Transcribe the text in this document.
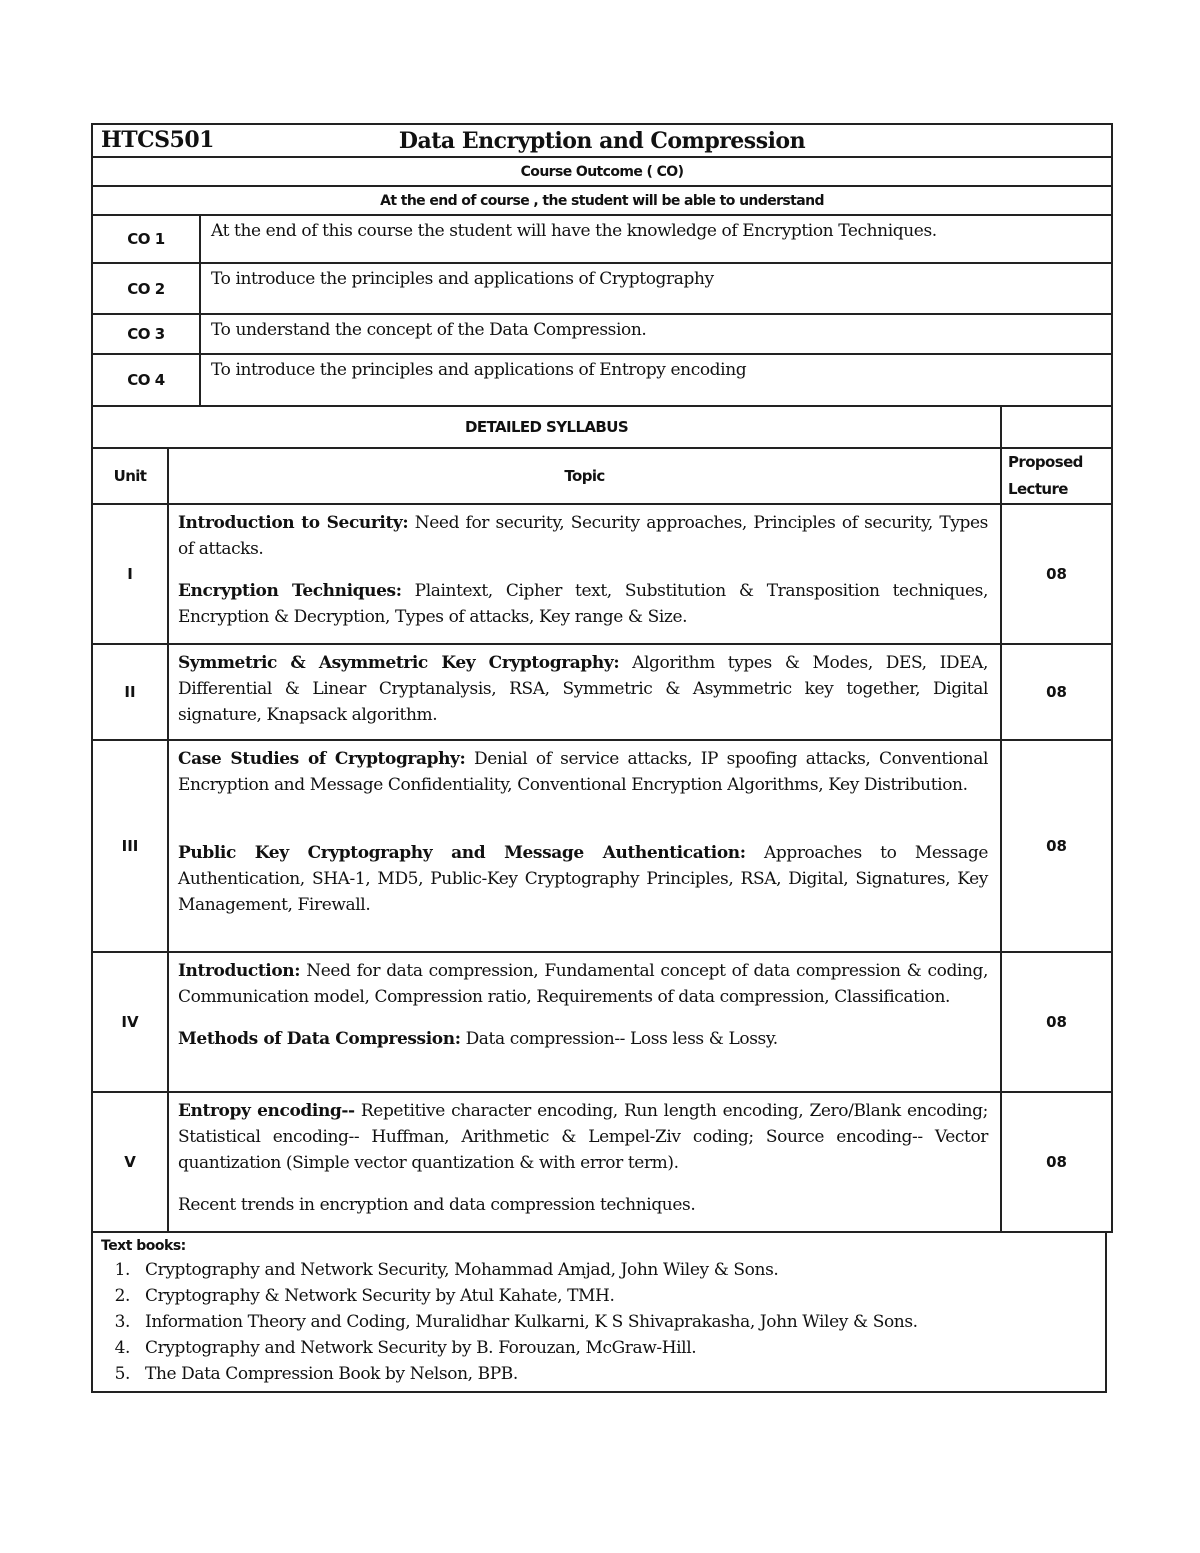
HTCS501 Data Encryption and Compression	

Course Outcome ( CO)	
At the end of course , the student will be able to understand	
CO 1	At the end of this course the student will have the knowledge of Encryption Techniques.
CO 2	To introduce the principles and applications of Cryptography
CO 3	To understand the concept of the Data Compression.
CO 4	To introduce the principles and applications of Entropy encoding
DETAILED SYLLABUS		
Unit	Topic	Proposed
Lecture

I	Introduction to Security: Need for security, Security approaches, Principles of security, Types of attacks.

Encryption Techniques: Plaintext, Cipher text, Substitution & Transposition techniques, Encryption & Decryption, Types of attacks, Key range & Size.	08
II	Symmetric & Asymmetric Key Cryptography: Algorithm types & Modes, DES, IDEA, Differential & Linear Cryptanalysis, RSA, Symmetric & Asymmetric key together, Digital signature, Knapsack algorithm.	08
III	Case Studies of Cryptography: Denial of service attacks, IP spoofing attacks, Conventional Encryption and Message Confidentiality, Conventional Encryption Algorithms, Key Distribution.

Public Key Cryptography and Message Authentication: Approaches to Message Authentication, SHA-1, MD5, Public-Key Cryptography Principles, RSA, Digital, Signatures, Key Management, Firewall.	08
IV	Introduction: Need for data compression, Fundamental concept of data compression & coding, Communication model, Compression ratio, Requirements of data compression, Classification.

Methods of Data Compression: Data compression-- Loss less & Lossy.	08
V	Entropy encoding-- Repetitive character encoding, Run length encoding, Zero/Blank encoding; Statistical encoding-- Huffman, Arithmetic & Lempel-Ziv coding; Source encoding-- Vector quantization (Simple vector quantization & with error term).

Recent trends in encryption and data compression techniques.	08
Text books:
1. Cryptography and Network Security, Mohammad Amjad, John Wiley & Sons.
2. Cryptography & Network Security by Atul Kahate, TMH.
3. Information Theory and Coding, Muralidhar Kulkarni, K S Shivaprakasha, John Wiley & Sons.
4. Cryptography and Network Security by B. Forouzan, McGraw-Hill.
5. The Data Compression Book by Nelson, BPB.
